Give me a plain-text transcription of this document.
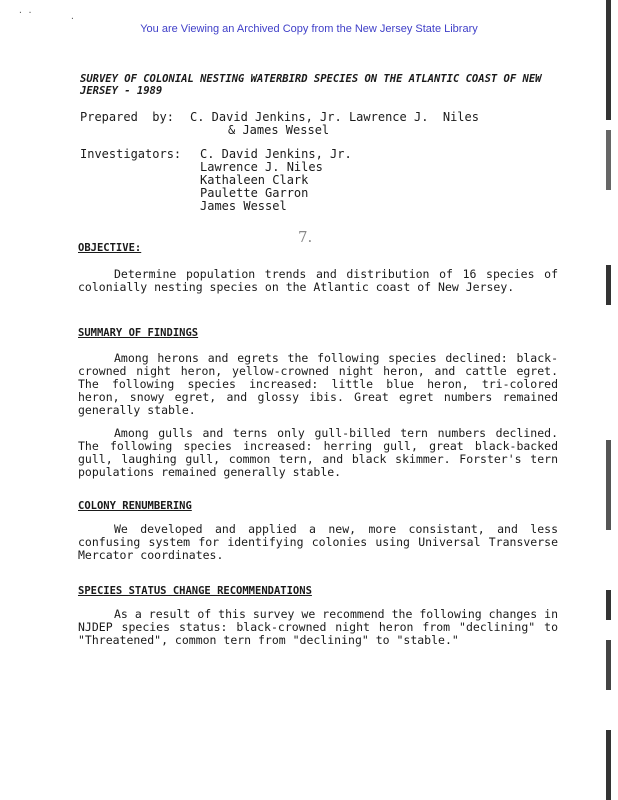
You are Viewing an Archived Copy from the New Jersey State Library
· ·
·
SURVEY OF COLONIAL NESTING WATERBIRD SPECIES ON THE ATLANTIC COAST OF NEW JERSEY - 1989
Prepared  by: C. David Jenkins, Jr. Lawrence J.  Niles
& James Wessel
Investigators: C. David Jenkins, Jr.
Lawrence J. Niles
Kathaleen Clark
Paulette Garron
James Wessel
7.
OBJECTIVE:
Determine population trends and distribution of 16 species of colonially nesting species on the Atlantic coast of New Jersey.
SUMMARY OF FINDINGS
Among herons and egrets the following species declined: black-crowned night heron, yellow-crowned night heron, and cattle egret. The following species increased: little blue heron, tri-colored heron, snowy egret, and glossy ibis. Great egret numbers remained generally stable.
Among gulls and terns only gull-billed tern numbers declined. The following species increased: herring gull, great black-backed gull, laughing gull, common tern, and black skimmer. Forster's tern populations remained generally stable.
COLONY RENUMBERING
We developed and applied a new, more consistant, and less confusing system for identifying colonies using Universal Transverse Mercator coordinates.
SPECIES STATUS CHANGE RECOMMENDATIONS
As a result of this survey we recommend the following changes in NJDEP species status: black-crowned night heron from "declining" to "Threatened", common tern from "declining" to "stable."
